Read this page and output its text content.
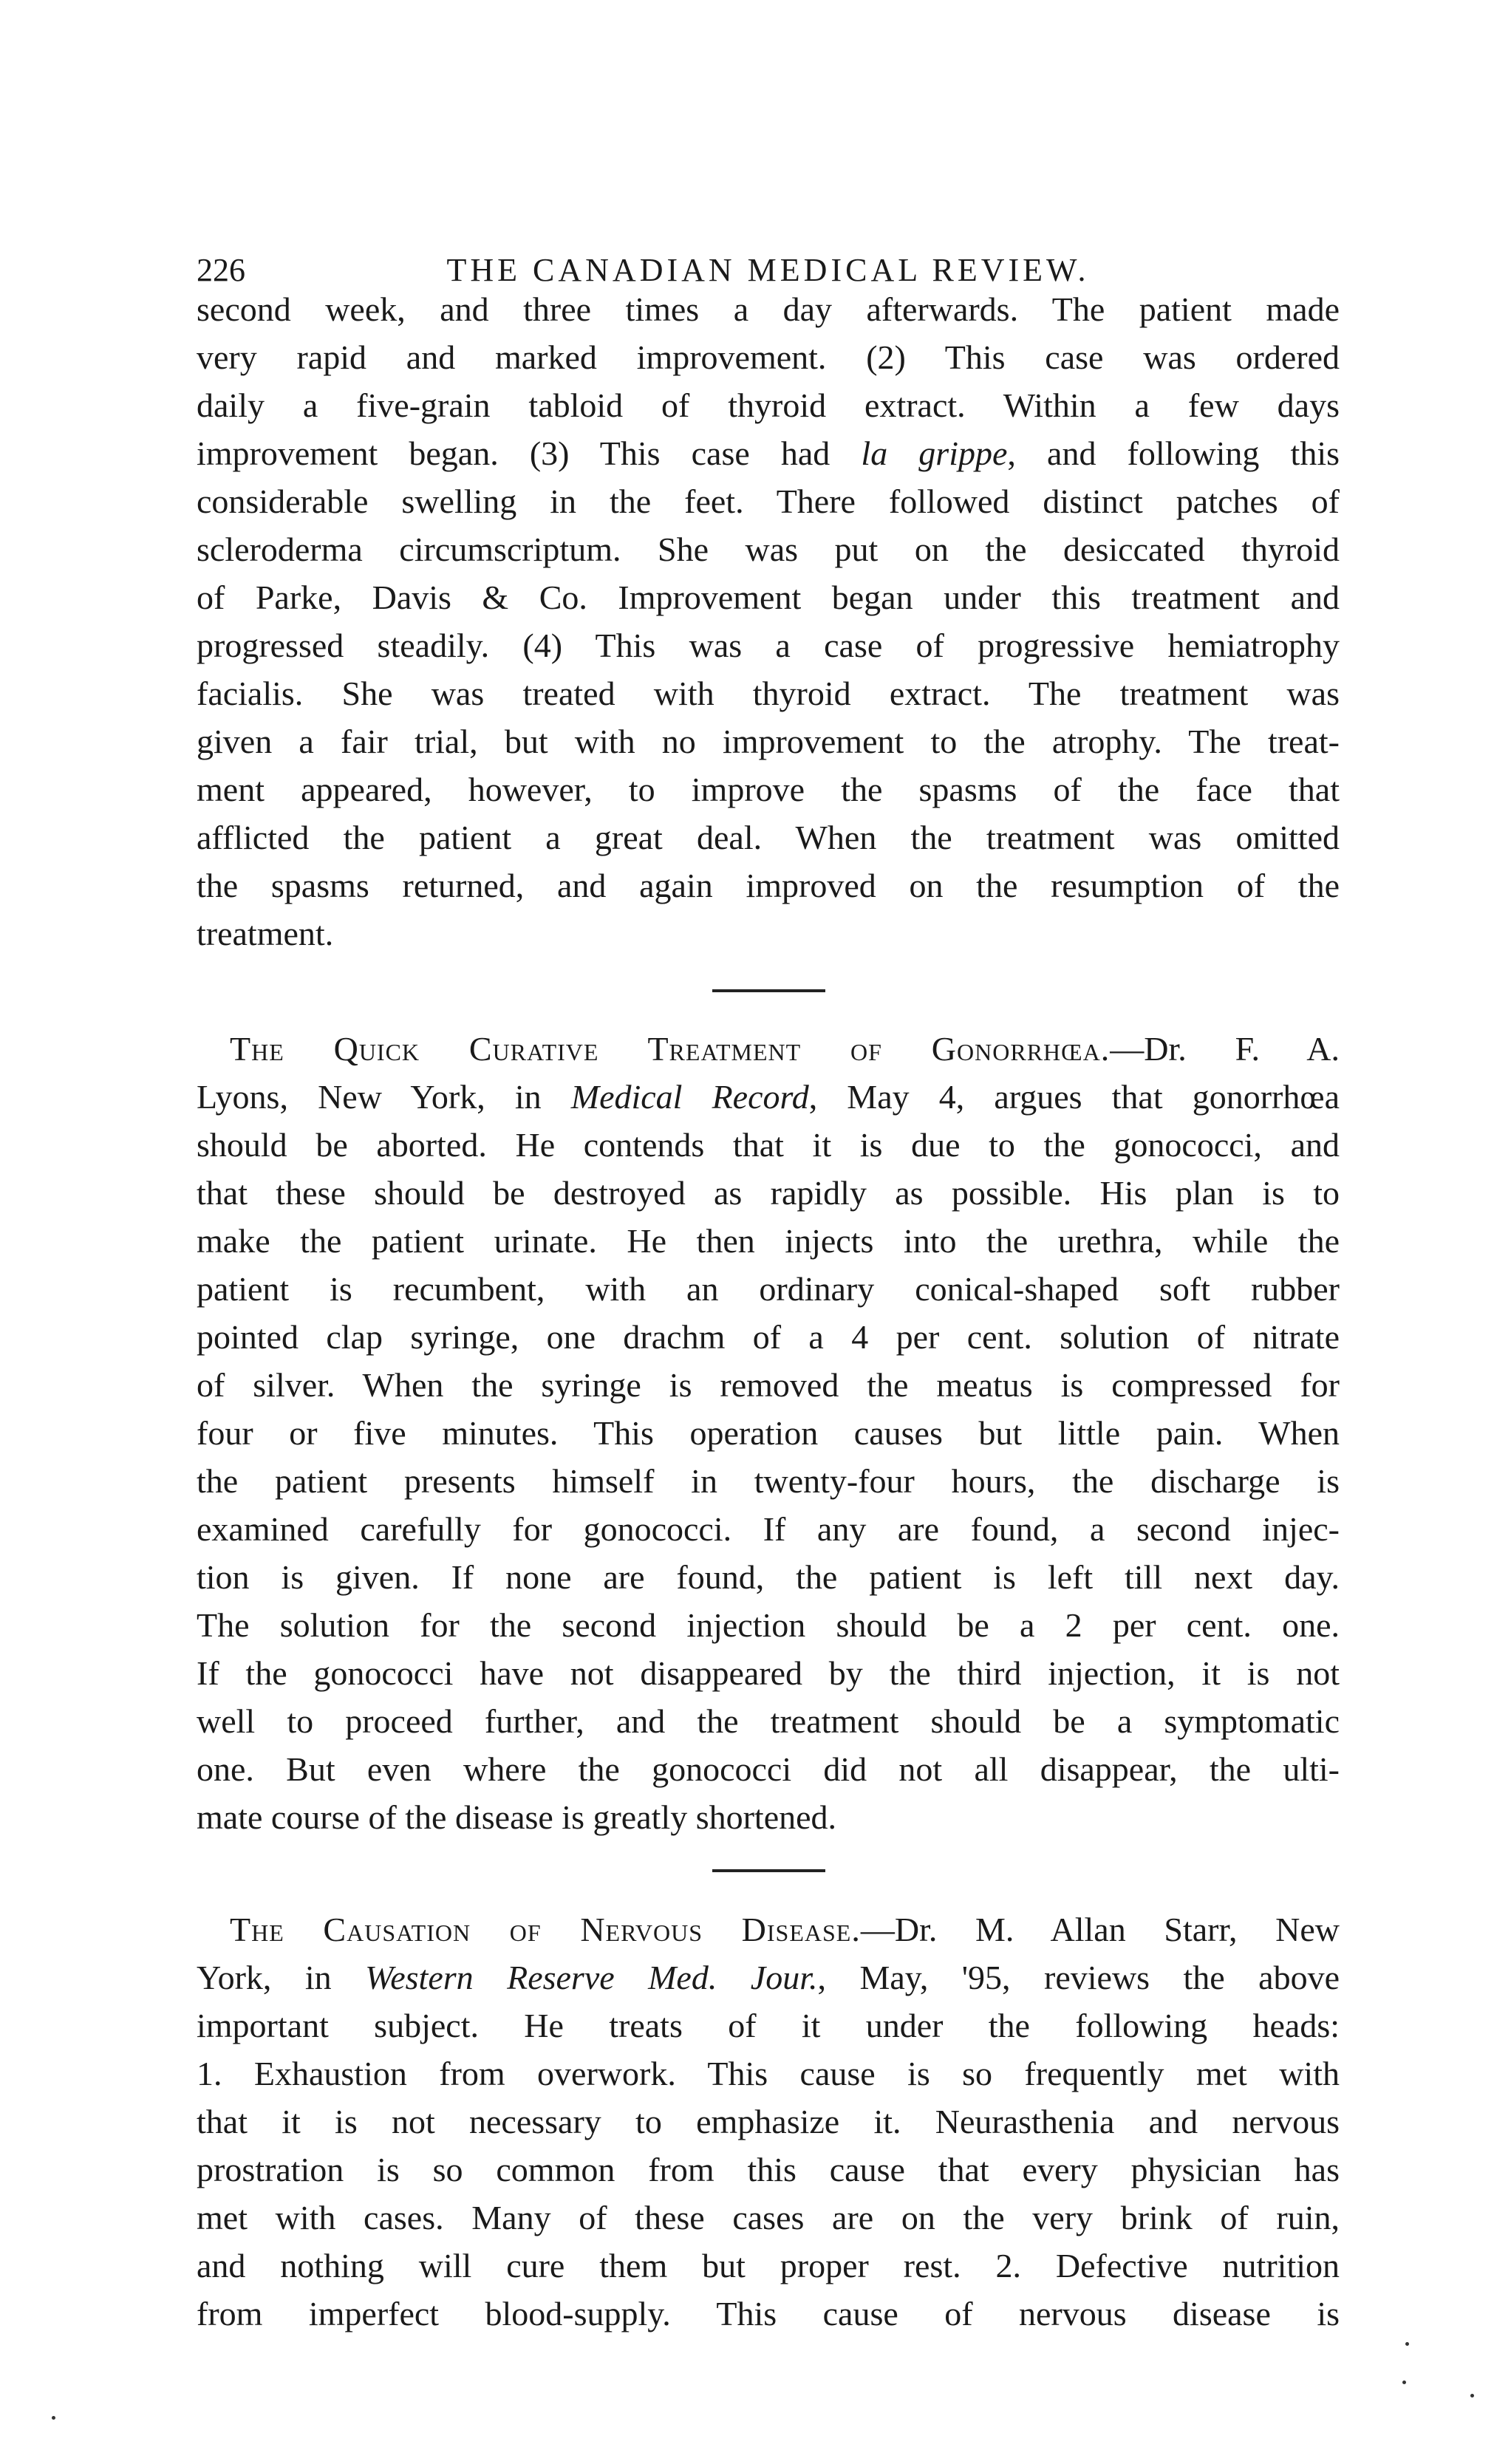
226	THE CANADIAN MEDICAL REVIEW.
second week, and three times a day afterwards. The patient made
very rapid and marked improvement. (2) This case was ordered
daily a five-grain tabloid of thyroid extract. Within a few days
improvement began. (3) This case had la grippe, and following this
considerable swelling in the feet. There followed distinct patches of
scleroderma circumscriptum. She was put on the desiccated thyroid
of Parke, Davis & Co. Improvement began under this treatment and
progressed steadily. (4) This was a case of progressive hemiatrophy
facialis. She was treated with thyroid extract. The treatment was
given a fair trial, but with no improvement to the atrophy. The treat-
ment appeared, however, to improve the spasms of the face that
afflicted the patient a great deal. When the treatment was omitted
the spasms returned, and again improved on the resumption of the
treatment.
The Quick Curative Treatment of Gonorrhœa.—Dr. F. A.
Lyons, New York, in Medical Record, May 4, argues that gonorrhœa
should be aborted. He contends that it is due to the gonococci, and
that these should be destroyed as rapidly as possible. His plan is to
make the patient urinate. He then injects into the urethra, while the
patient is recumbent, with an ordinary conical-shaped soft rubber
pointed clap syringe, one drachm of a 4 per cent. solution of nitrate
of silver. When the syringe is removed the meatus is compressed for
four or five minutes. This operation causes but little pain. When
the patient presents himself in twenty-four hours, the discharge is
examined carefully for gonococci. If any are found, a second injec-
tion is given. If none are found, the patient is left till next day.
The solution for the second injection should be a 2 per cent. one.
If the gonococci have not disappeared by the third injection, it is not
well to proceed further, and the treatment should be a symptomatic
one. But even where the gonococci did not all disappear, the ulti-
mate course of the disease is greatly shortened.
The Causation of Nervous Disease.—Dr. M. Allan Starr, New
York, in Western Reserve Med. Jour., May, '95, reviews the above
important subject. He treats of it under the following heads:
1. Exhaustion from overwork. This cause is so frequently met with
that it is not necessary to emphasize it. Neurasthenia and nervous
prostration is so common from this cause that every physician has
met with cases. Many of these cases are on the very brink of ruin,
and nothing will cure them but proper rest. 2. Defective nutrition
from imperfect blood-supply. This cause of nervous disease is
